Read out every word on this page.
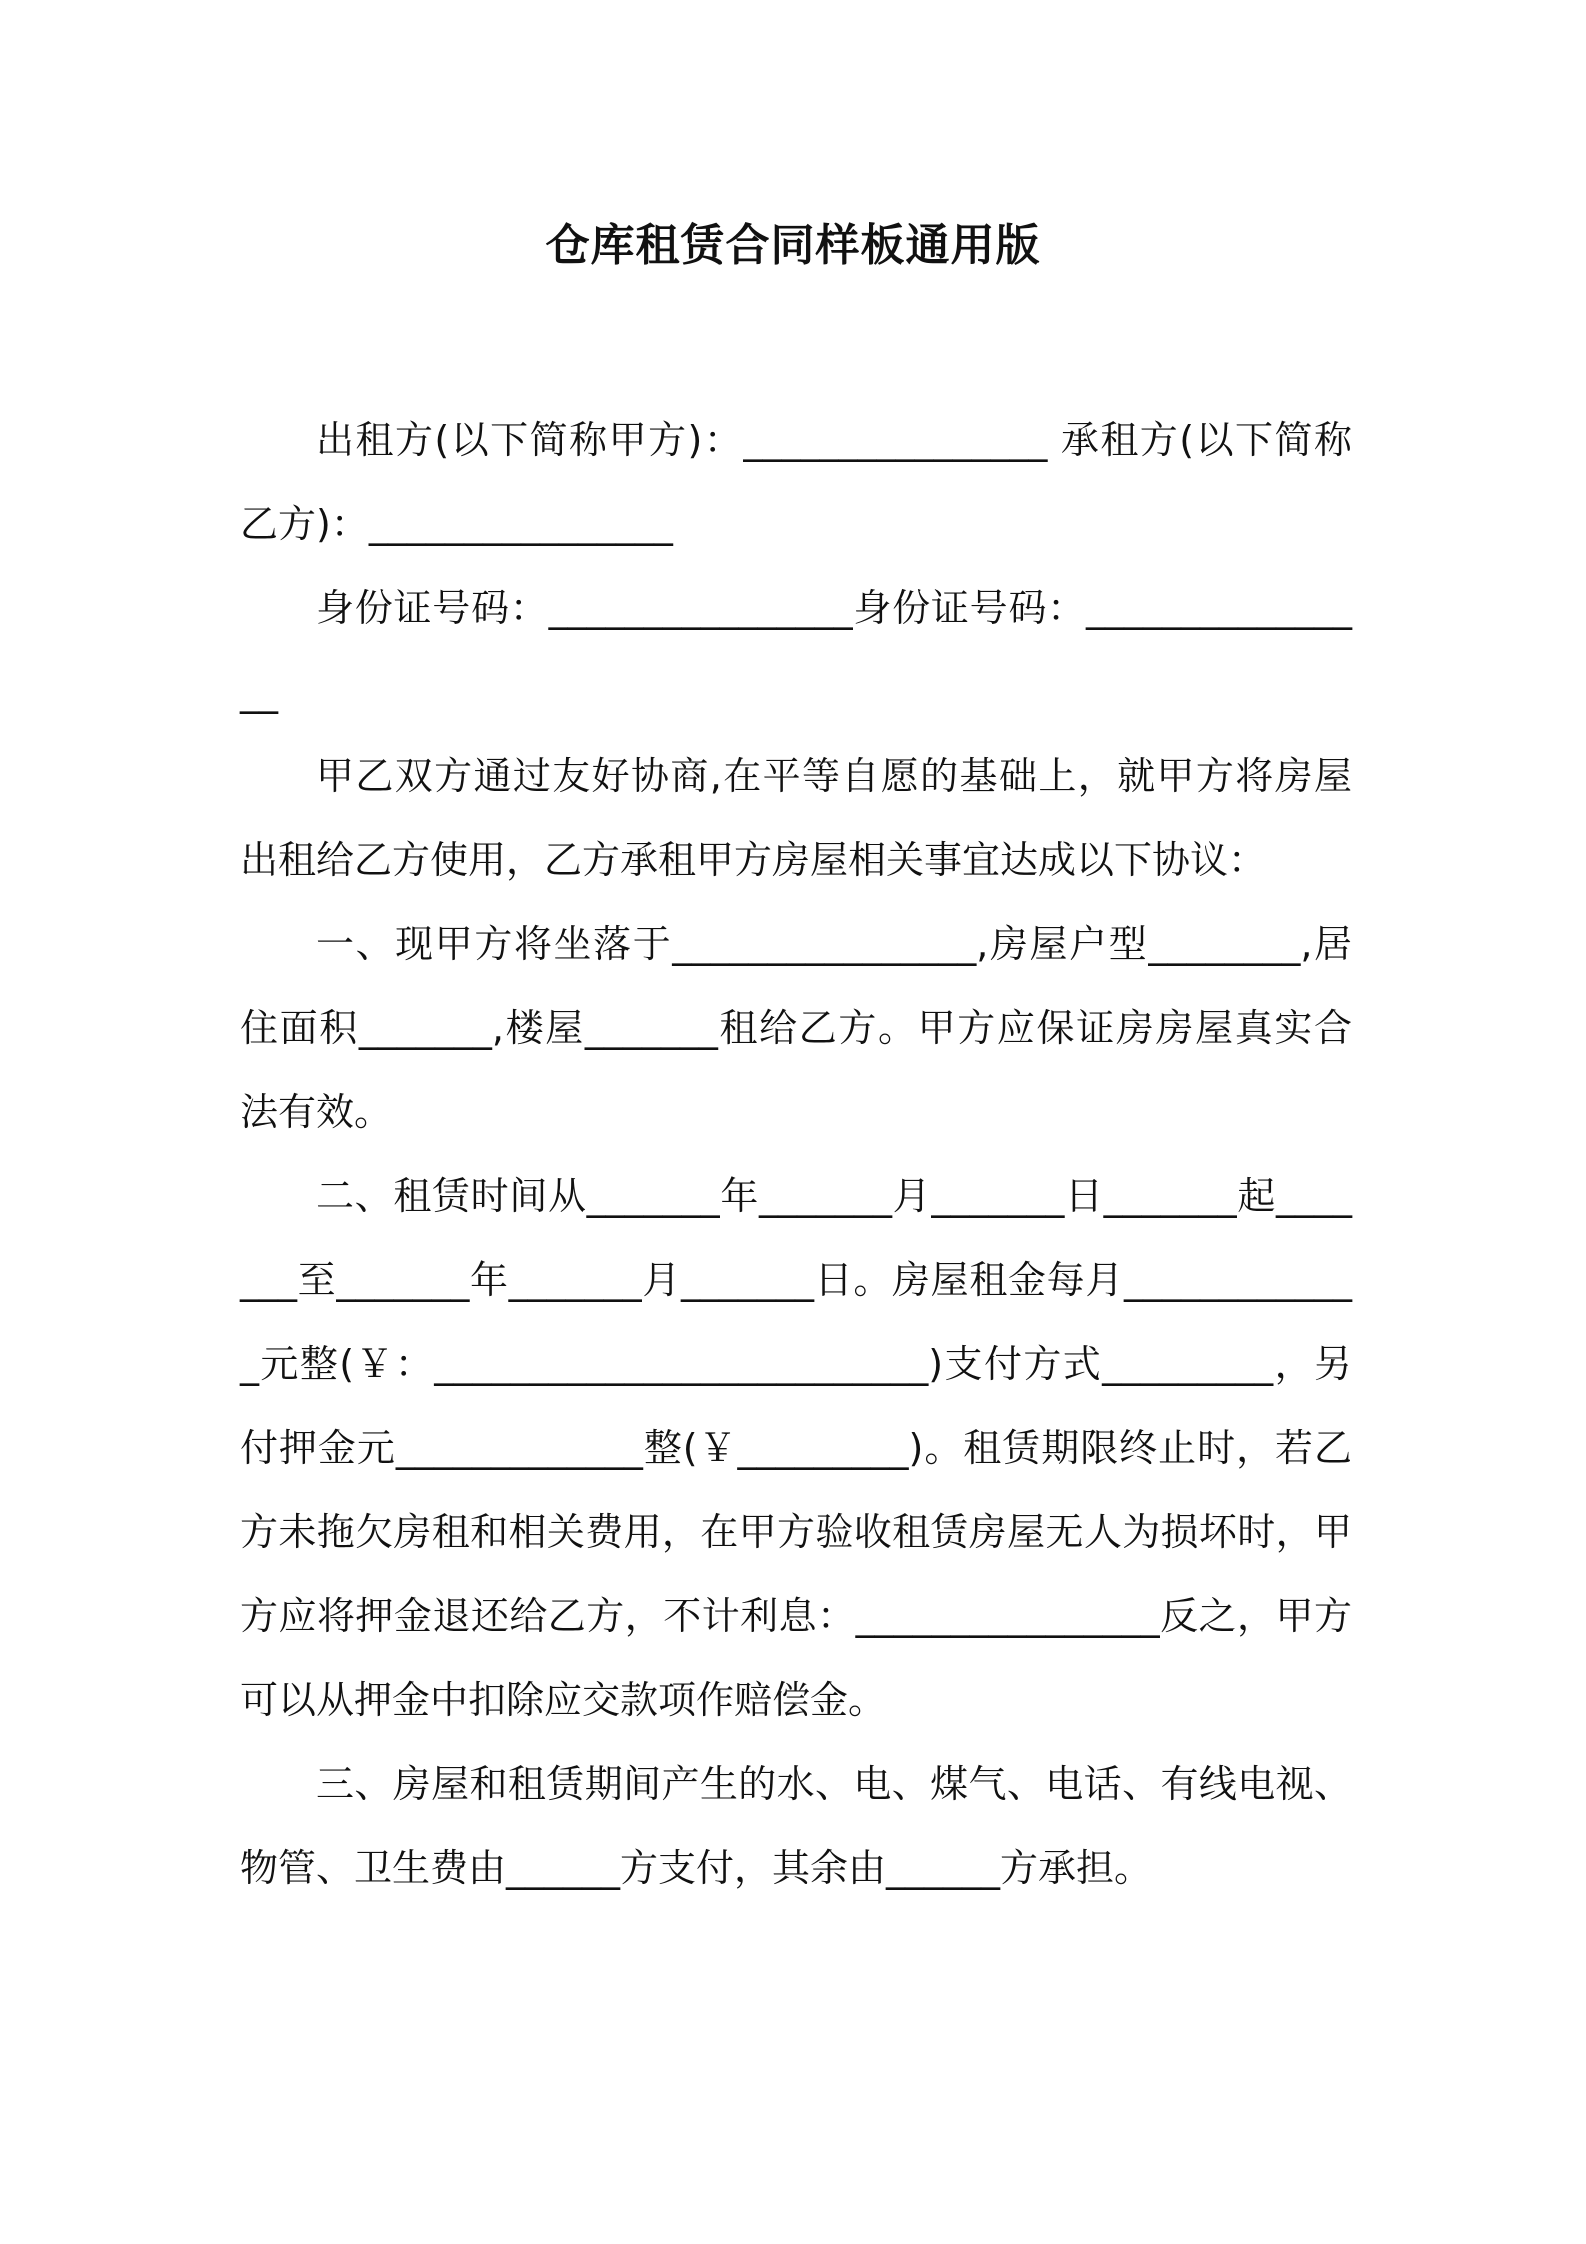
仓库租赁合同样板通用版

出租方(以下简称甲方)：________________ 承租方(以下简称乙方)：________________

身份证号码：________________身份证号码：________________

甲乙双方通过友好协商,在平等自愿的基础上，就甲方将房屋出租给乙方使用，乙方承租甲方房屋相关事宜达成以下协议：

一、现甲方将坐落于________________,房屋户型________,居住面积_______,楼屋_______租给乙方。甲方应保证房房屋真实合法有效。

二、租赁时间从_______年_______月_______日_______起_______至_______年_______月_______日。房屋租金每月_____________元整(￥：__________________________)支付方式_________，另付押金元_____________整(￥_________)。租赁期限终止时，若乙方未拖欠房租和相关费用，在甲方验收租赁房屋无人为损坏时，甲方应将押金退还给乙方，不计利息：________________反之，甲方可以从押金中扣除应交款项作赔偿金。

三、房屋和租赁期间产生的水、电、煤气、电话、有线电视、物管、卫生费由______方支付，其余由______方承担。
